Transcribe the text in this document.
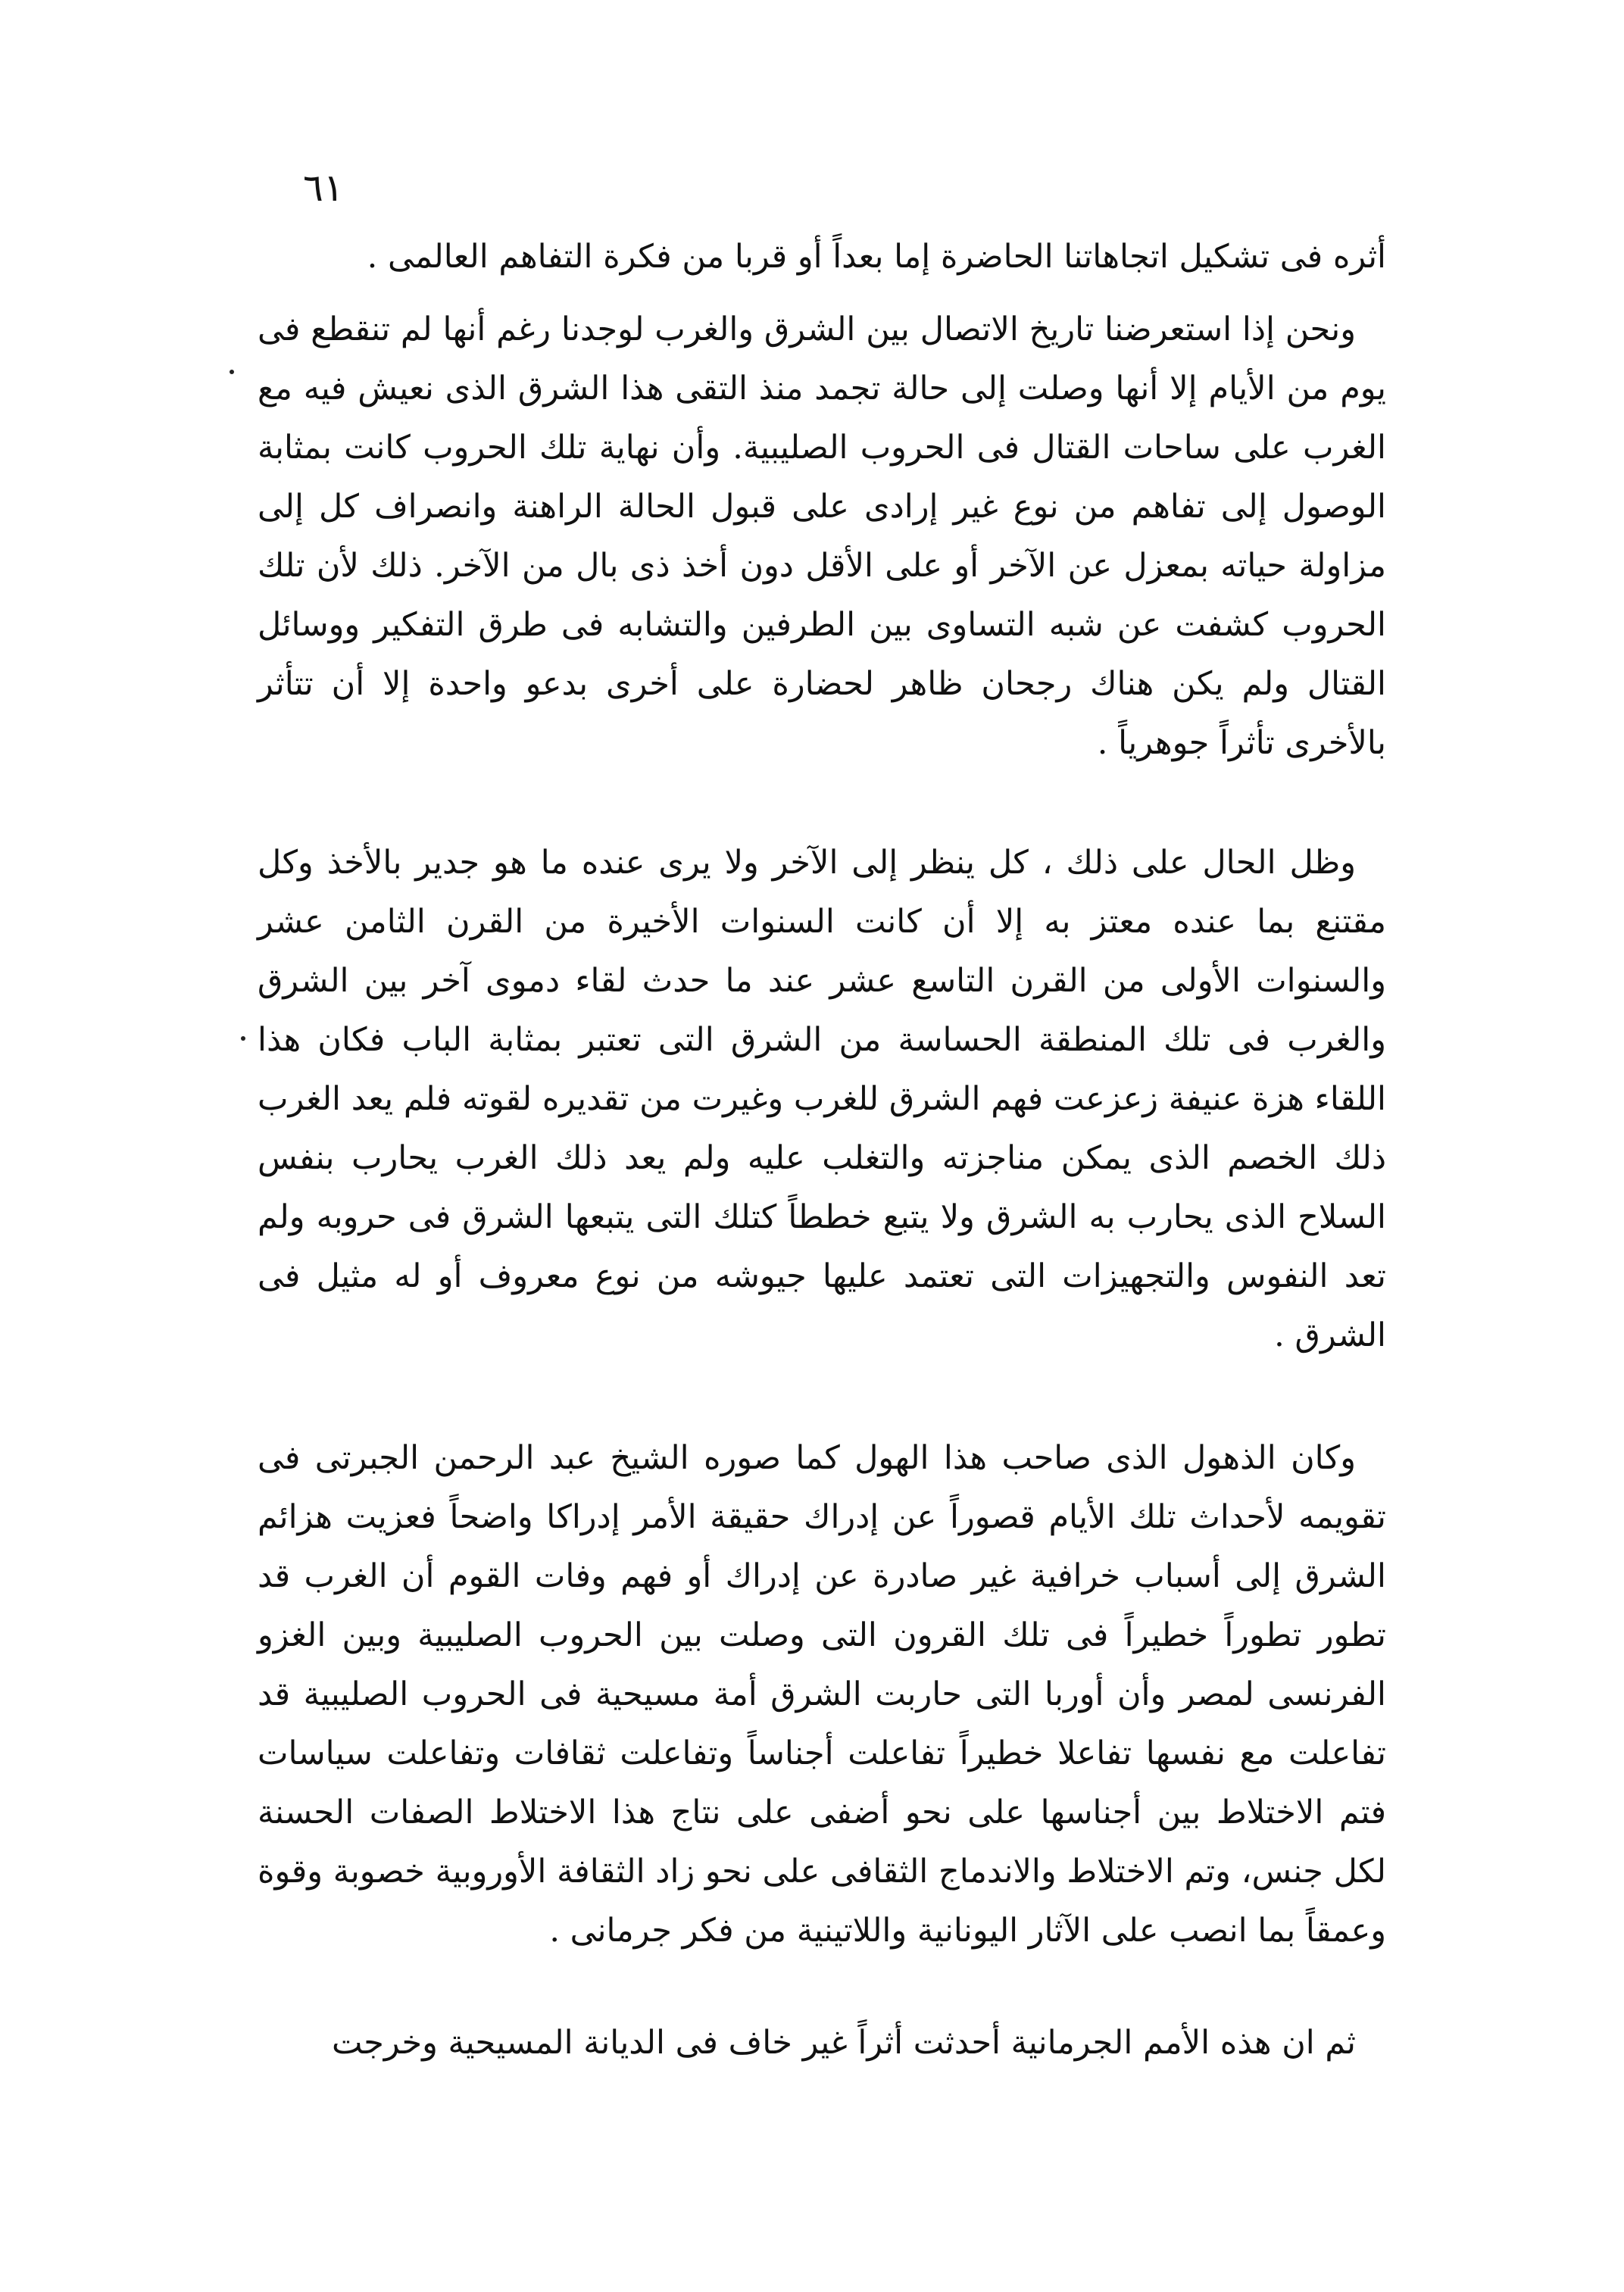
٦١

أثره فى تشكيل اتجاهاتنا الحاضرة إما بعداً أو قربا من فكرة التفاهم العالمى .

ونحن إذا استعرضنا تاريخ الاتصال بين الشرق والغرب لوجدنا رغم أنها لم تنقطع فى يوم من الأيام إلا أنها وصلت إلى حالة تجمد منذ التقى هذا الشرق الذى نعيش فيه مع الغرب على ساحات القتال فى الحروب الصليبية. وأن نهاية تلك الحروب كانت بمثابة الوصول إلى تفاهم من نوع غير إرادى على قبول الحالة الراهنة وانصراف كل إلى مزاولة حياته بمعزل عن الآخر أو على الأقل دون أخذ ذى بال من الآخر. ذلك لأن تلك الحروب كشفت عن شبه التساوى بين الطرفين والتشابه فى طرق التفكير ووسائل القتال ولم يكن هناك رجحان ظاهر لحضارة على أخرى بدعو واحدة إلا أن تتأثر بالأخرى تأثراً جوهرياً .

وظل الحال على ذلك ، كل ينظر إلى الآخر ولا يرى عنده ما هو جدير بالأخذ وكل مقتنع بما عنده معتز به إلا أن كانت السنوات الأخيرة من القرن الثامن عشر والسنوات الأولى من القرن التاسع عشر عند ما حدث لقاء دموى آخر بين الشرق والغرب فى تلك المنطقة الحساسة من الشرق التى تعتبر بمثابة الباب فكان هذا اللقاء هزة عنيفة زعزعت فهم الشرق للغرب وغيرت من تقديره لقوته فلم يعد الغرب ذلك الخصم الذى يمكن مناجزته والتغلب عليه ولم يعد ذلك الغرب يحارب بنفس السلاح الذى يحارب به الشرق ولا يتبع خططاً كتلك التى يتبعها الشرق فى حروبه ولم تعد النفوس والتجهيزات التى تعتمد عليها جيوشه من نوع معروف أو له مثيل فى الشرق .

وكان الذهول الذى صاحب هذا الهول كما صوره الشيخ عبد الرحمن الجبرتى فى تقويمه لأحداث تلك الأيام قصوراً عن إدراك حقيقة الأمر إدراكا واضحاً فعزيت هزائم الشرق إلى أسباب خرافية غير صادرة عن إدراك أو فهم وفات القوم أن الغرب قد تطور تطوراً خطيراً فى تلك القرون التى وصلت بين الحروب الصليبية وبين الغزو الفرنسى لمصر وأن أوربا التى حاربت الشرق أمة مسيحية فى الحروب الصليبية قد تفاعلت مع نفسها تفاعلا خطيراً تفاعلت أجناساً وتفاعلت ثقافات وتفاعلت سياسات فتم الاختلاط بين أجناسها على نحو أضفى على نتاج هذا الاختلاط الصفات الحسنة لكل جنس، وتم الاختلاط والاندماج الثقافى على نحو زاد الثقافة الأوروبية خصوبة وقوة وعمقاً بما انصب على الآثار اليونانية واللاتينية من فكر جرمانى .

ثم ان هذه الأمم الجرمانية أحدثت أثراً غير خاف فى الديانة المسيحية وخرجت
